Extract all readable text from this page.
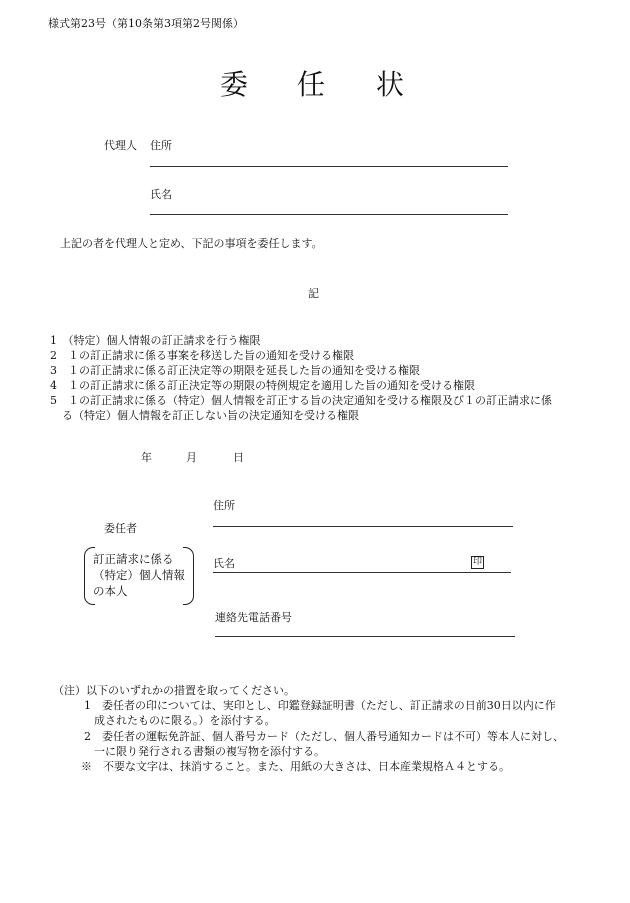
様式第23号（第10条第3項第2号関係）
委 任 状
代理人 住所
氏名
上記の者を代理人と定め、下記の事項を委任します。
記
1　（特定）個人情報の訂正請求を行う権限
2　１の訂正請求に係る事案を移送した旨の通知を受ける権限
3　１の訂正請求に係る訂正決定等の期限を延長した旨の通知を受ける権限
4　１の訂正請求に係る訂正決定等の期限の特例規定を適用した旨の通知を受ける権限
5　１の訂正請求に係る（特定）個人情報を訂正する旨の決定通知を受ける権限及び１の訂正請求に係
る（特定）個人情報を訂正しない旨の決定通知を受ける権限
年	月	日
住所
委任者
訂正請求に係る
（特定）個人情報
の本人
氏名	印
連絡先電話番号
（注）以下のいずれかの措置を取ってください。
1　委任者の印については、実印とし、印鑑登録証明書（ただし、訂正請求の日前30日以内に作
成されたものに限る。）を添付する。
2　委任者の運転免許証、個人番号カード（ただし、個人番号通知カードは不可）等本人に対し、
一に限り発行される書類の複写物を添付する。
※　不要な文字は、抹消すること。また、用紙の大きさは、日本産業規格Ａ４とする。
